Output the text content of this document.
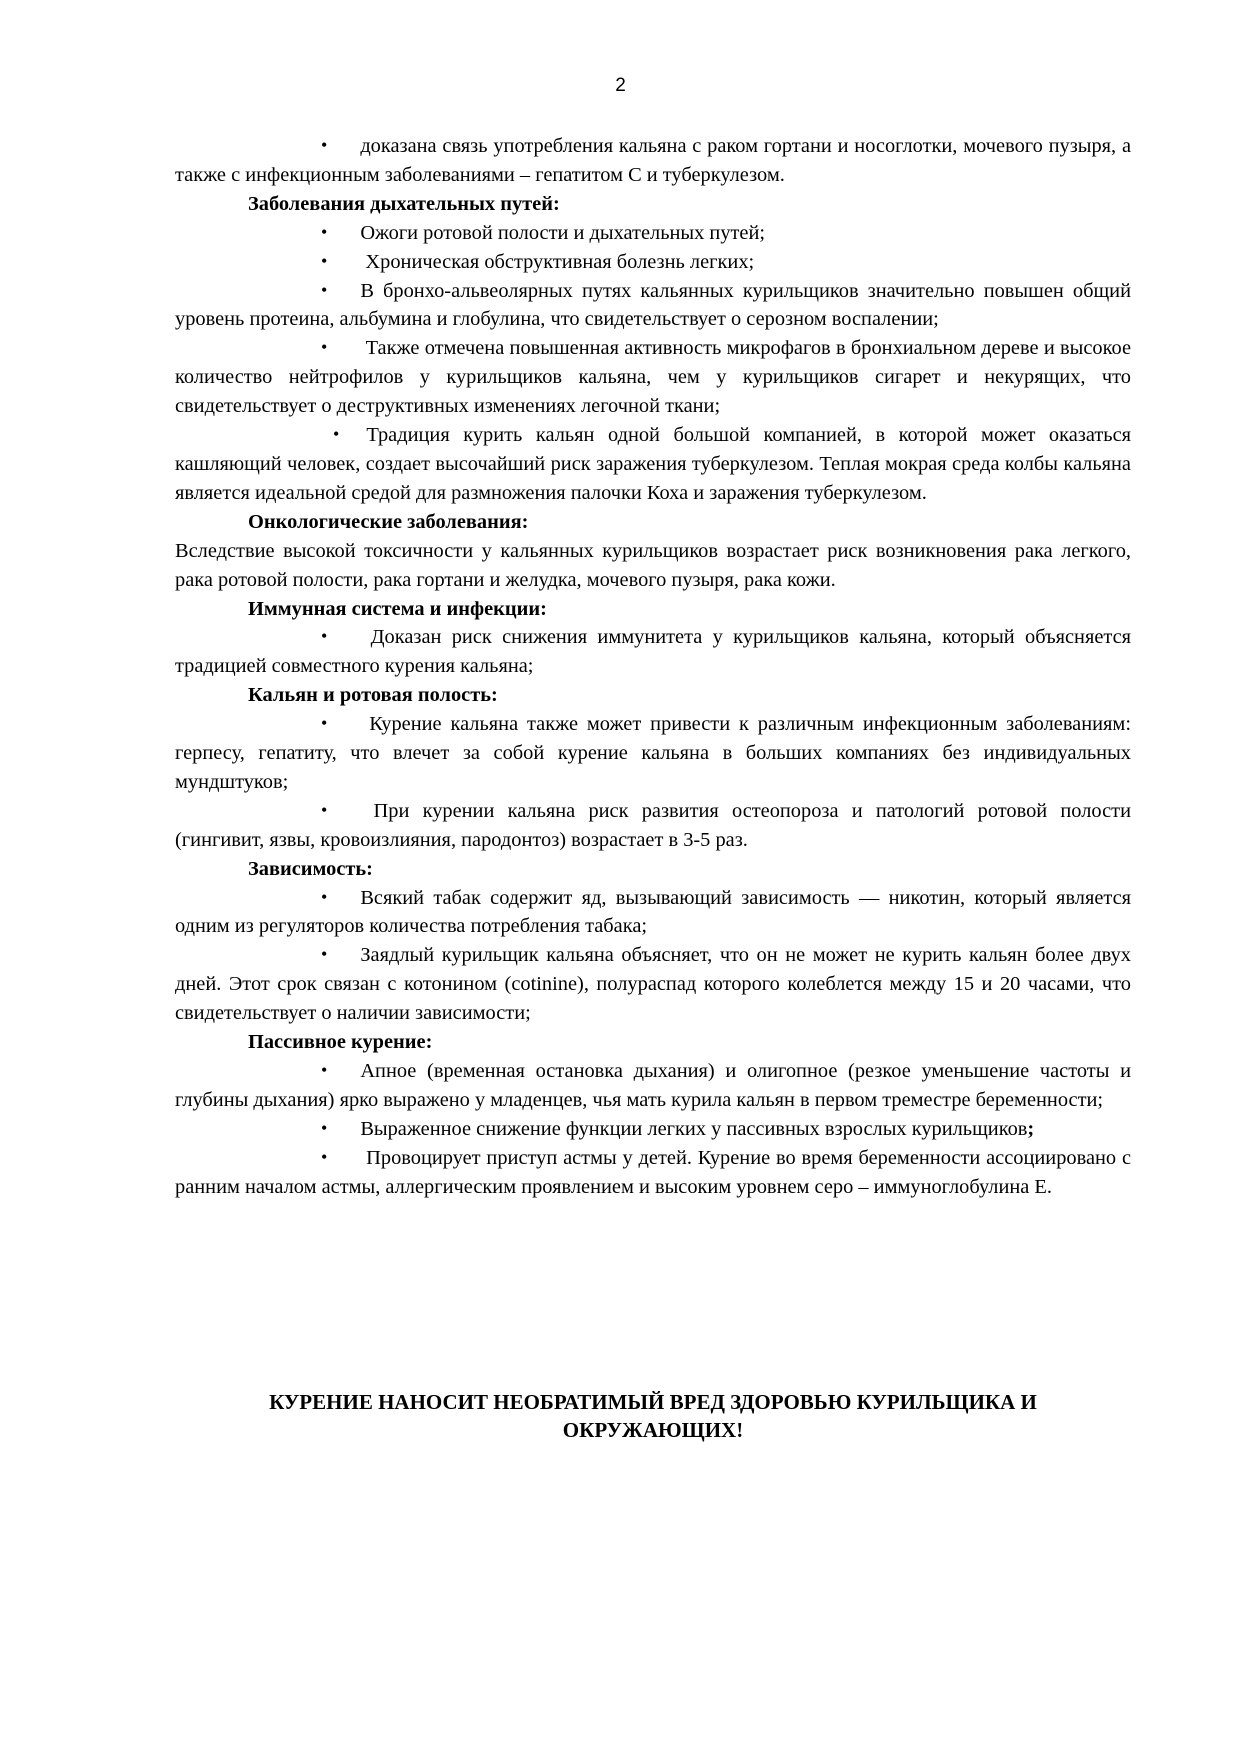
2

• доказана связь употребления кальяна с раком гортани и носоглотки, мочевого пузыря, а также с инфекционным заболеваниями – гепатитом С и туберкулезом.

Заболевания дыхательных путей:

• Ожоги ротовой полости и дыхательных путей;

• Хроническая обструктивная болезнь легких;

• В бронхо-альвеолярных путях кальянных курильщиков значительно повышен общий уровень протеина, альбумина и глобулина, что свидетельствует о серозном воспалении;

• Также отмечена повышенная активность микрофагов в бронхиальном дереве и высокое количество нейтрофилов у курильщиков кальяна, чем у курильщиков сигарет и некурящих, что свидетельствует о деструктивных изменениях легочной ткани;

• Традиция курить кальян одной большой компанией, в которой может оказаться кашляющий человек, создает высочайший риск заражения туберкулезом. Теплая мокрая среда колбы кальяна является идеальной средой для размножения палочки Коха и заражения туберкулезом.

Онкологические заболевания:

Вследствие высокой токсичности у кальянных курильщиков возрастает риск возникновения рака легкого, рака ротовой полости, рака гортани и желудка, мочевого пузыря, рака кожи.

Иммунная система и инфекции:

• Доказан риск снижения иммунитета у курильщиков кальяна, который объясняется традицией совместного курения кальяна;

Кальян и ротовая полость:

• Курение кальяна также может привести к различным инфекционным заболеваниям: герпесу, гепатиту, что влечет за собой курение кальяна в больших компаниях без индивидуальных мундштуков;

• При курении кальяна риск развития остеопороза и патологий ротовой полости (гингивит, язвы, кровоизлияния, пародонтоз) возрастает в 3-5 раз.

Зависимость:

• Всякий табак содержит яд, вызывающий зависимость — никотин, который является одним из регуляторов количества потребления табака;

• Заядлый курильщик кальяна объясняет, что он не может не курить кальян более двух дней. Этот срок связан с котонином (cotinine), полураспад которого колеблется между 15 и 20 часами, что свидетельствует о наличии зависимости;

Пассивное курение:

• Апное (временная остановка дыхания) и олигопное (резкое уменьшение частоты и глубины дыхания) ярко выражено у младенцев, чья мать курила кальян в первом треместре беременности;

• Выраженное снижение функции легких у пассивных взрослых курильщиков;

• Провоцирует приступ астмы у детей. Курение во время беременности ассоциировано с ранним началом астмы, аллергическим проявлением и высоким уровнем серо – иммуноглобулина Е.

КУРЕНИЕ НАНОСИТ НЕОБРАТИМЫЙ ВРЕД ЗДОРОВЬЮ КУРИЛЬЩИКА И
ОКРУЖАЮЩИХ!
